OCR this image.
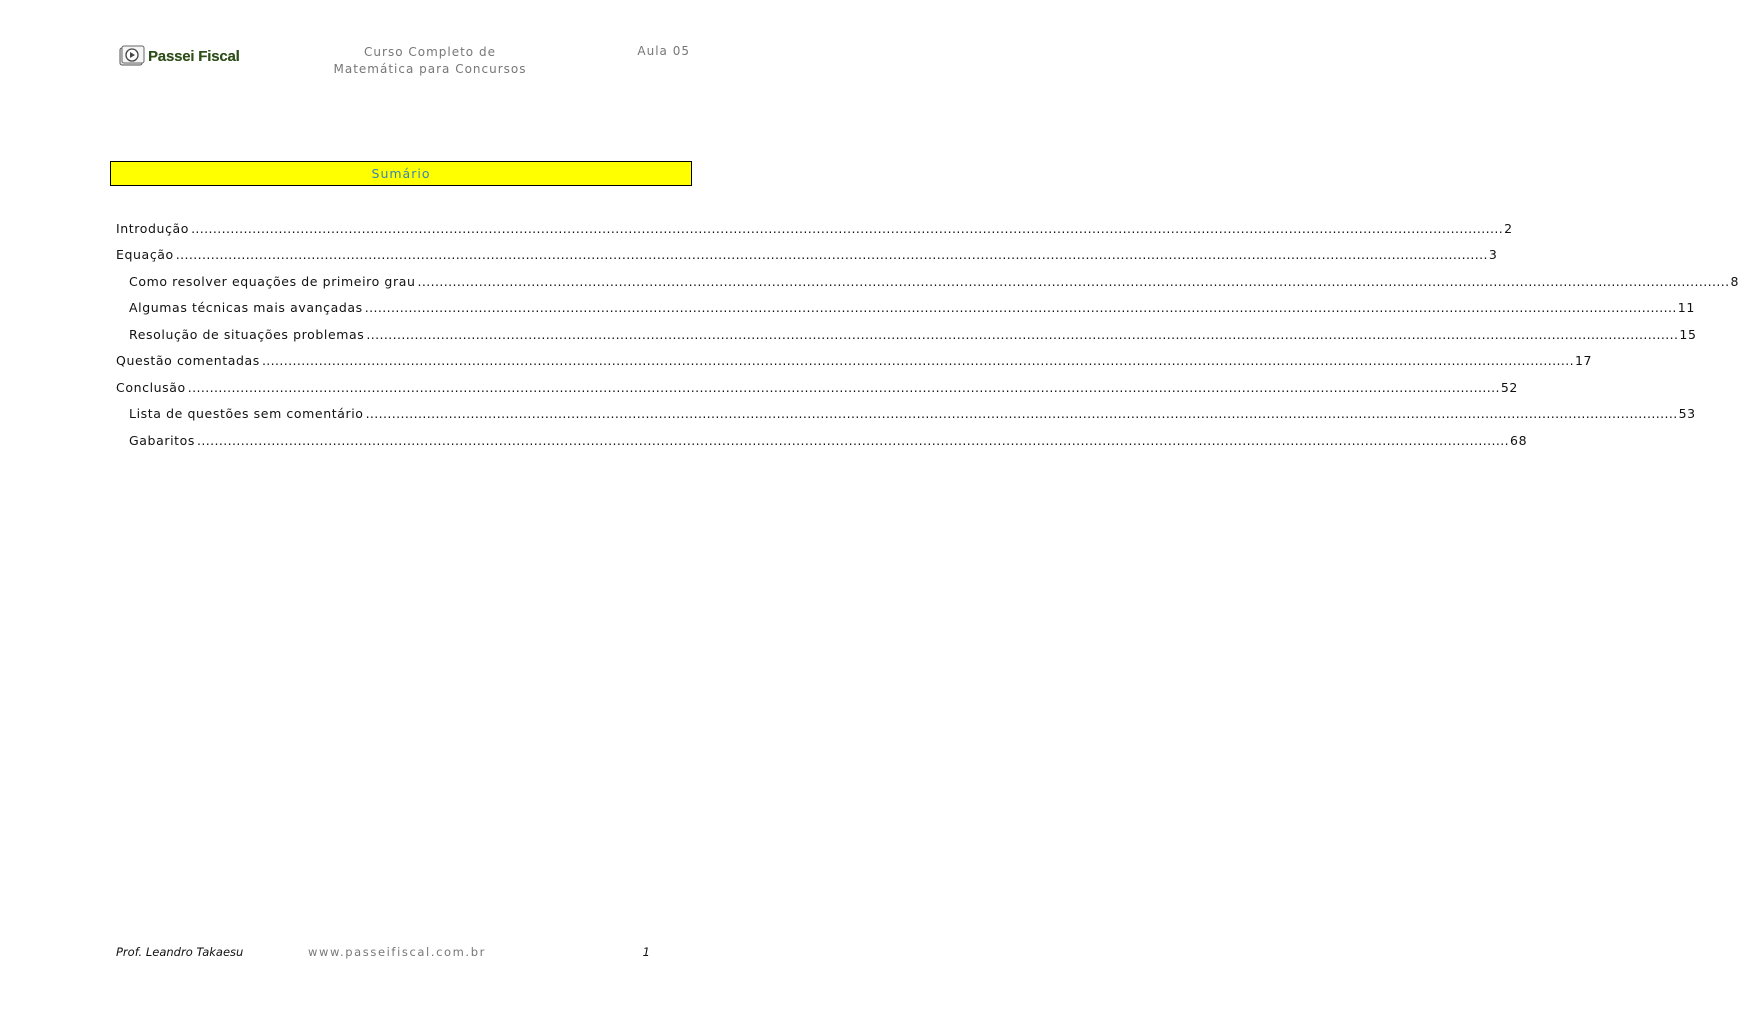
Passei Fiscal	Curso Completo de
Matemática para Concursos
Aula 05
Sumário
Introdução ............................................................................................................................................................................................................................................................................................................ 2
Equação ............................................................................................................................................................................................................................................................................................................ 3
Como resolver equações de primeiro grau ............................................................................................................................................................................................................................................................................................................ 8
Algumas técnicas mais avançadas ............................................................................................................................................................................................................................................................................................................ 11
Resolução de situações problemas ............................................................................................................................................................................................................................................................................................................ 15
Questão comentadas ............................................................................................................................................................................................................................................................................................................ 17
Conclusão ............................................................................................................................................................................................................................................................................................................ 52
Lista de questões sem comentário ............................................................................................................................................................................................................................................................................................................ 53
Gabaritos ............................................................................................................................................................................................................................................................................................................ 68
Prof. Leandro Takaesu	www.passeifiscal.com.br	1
